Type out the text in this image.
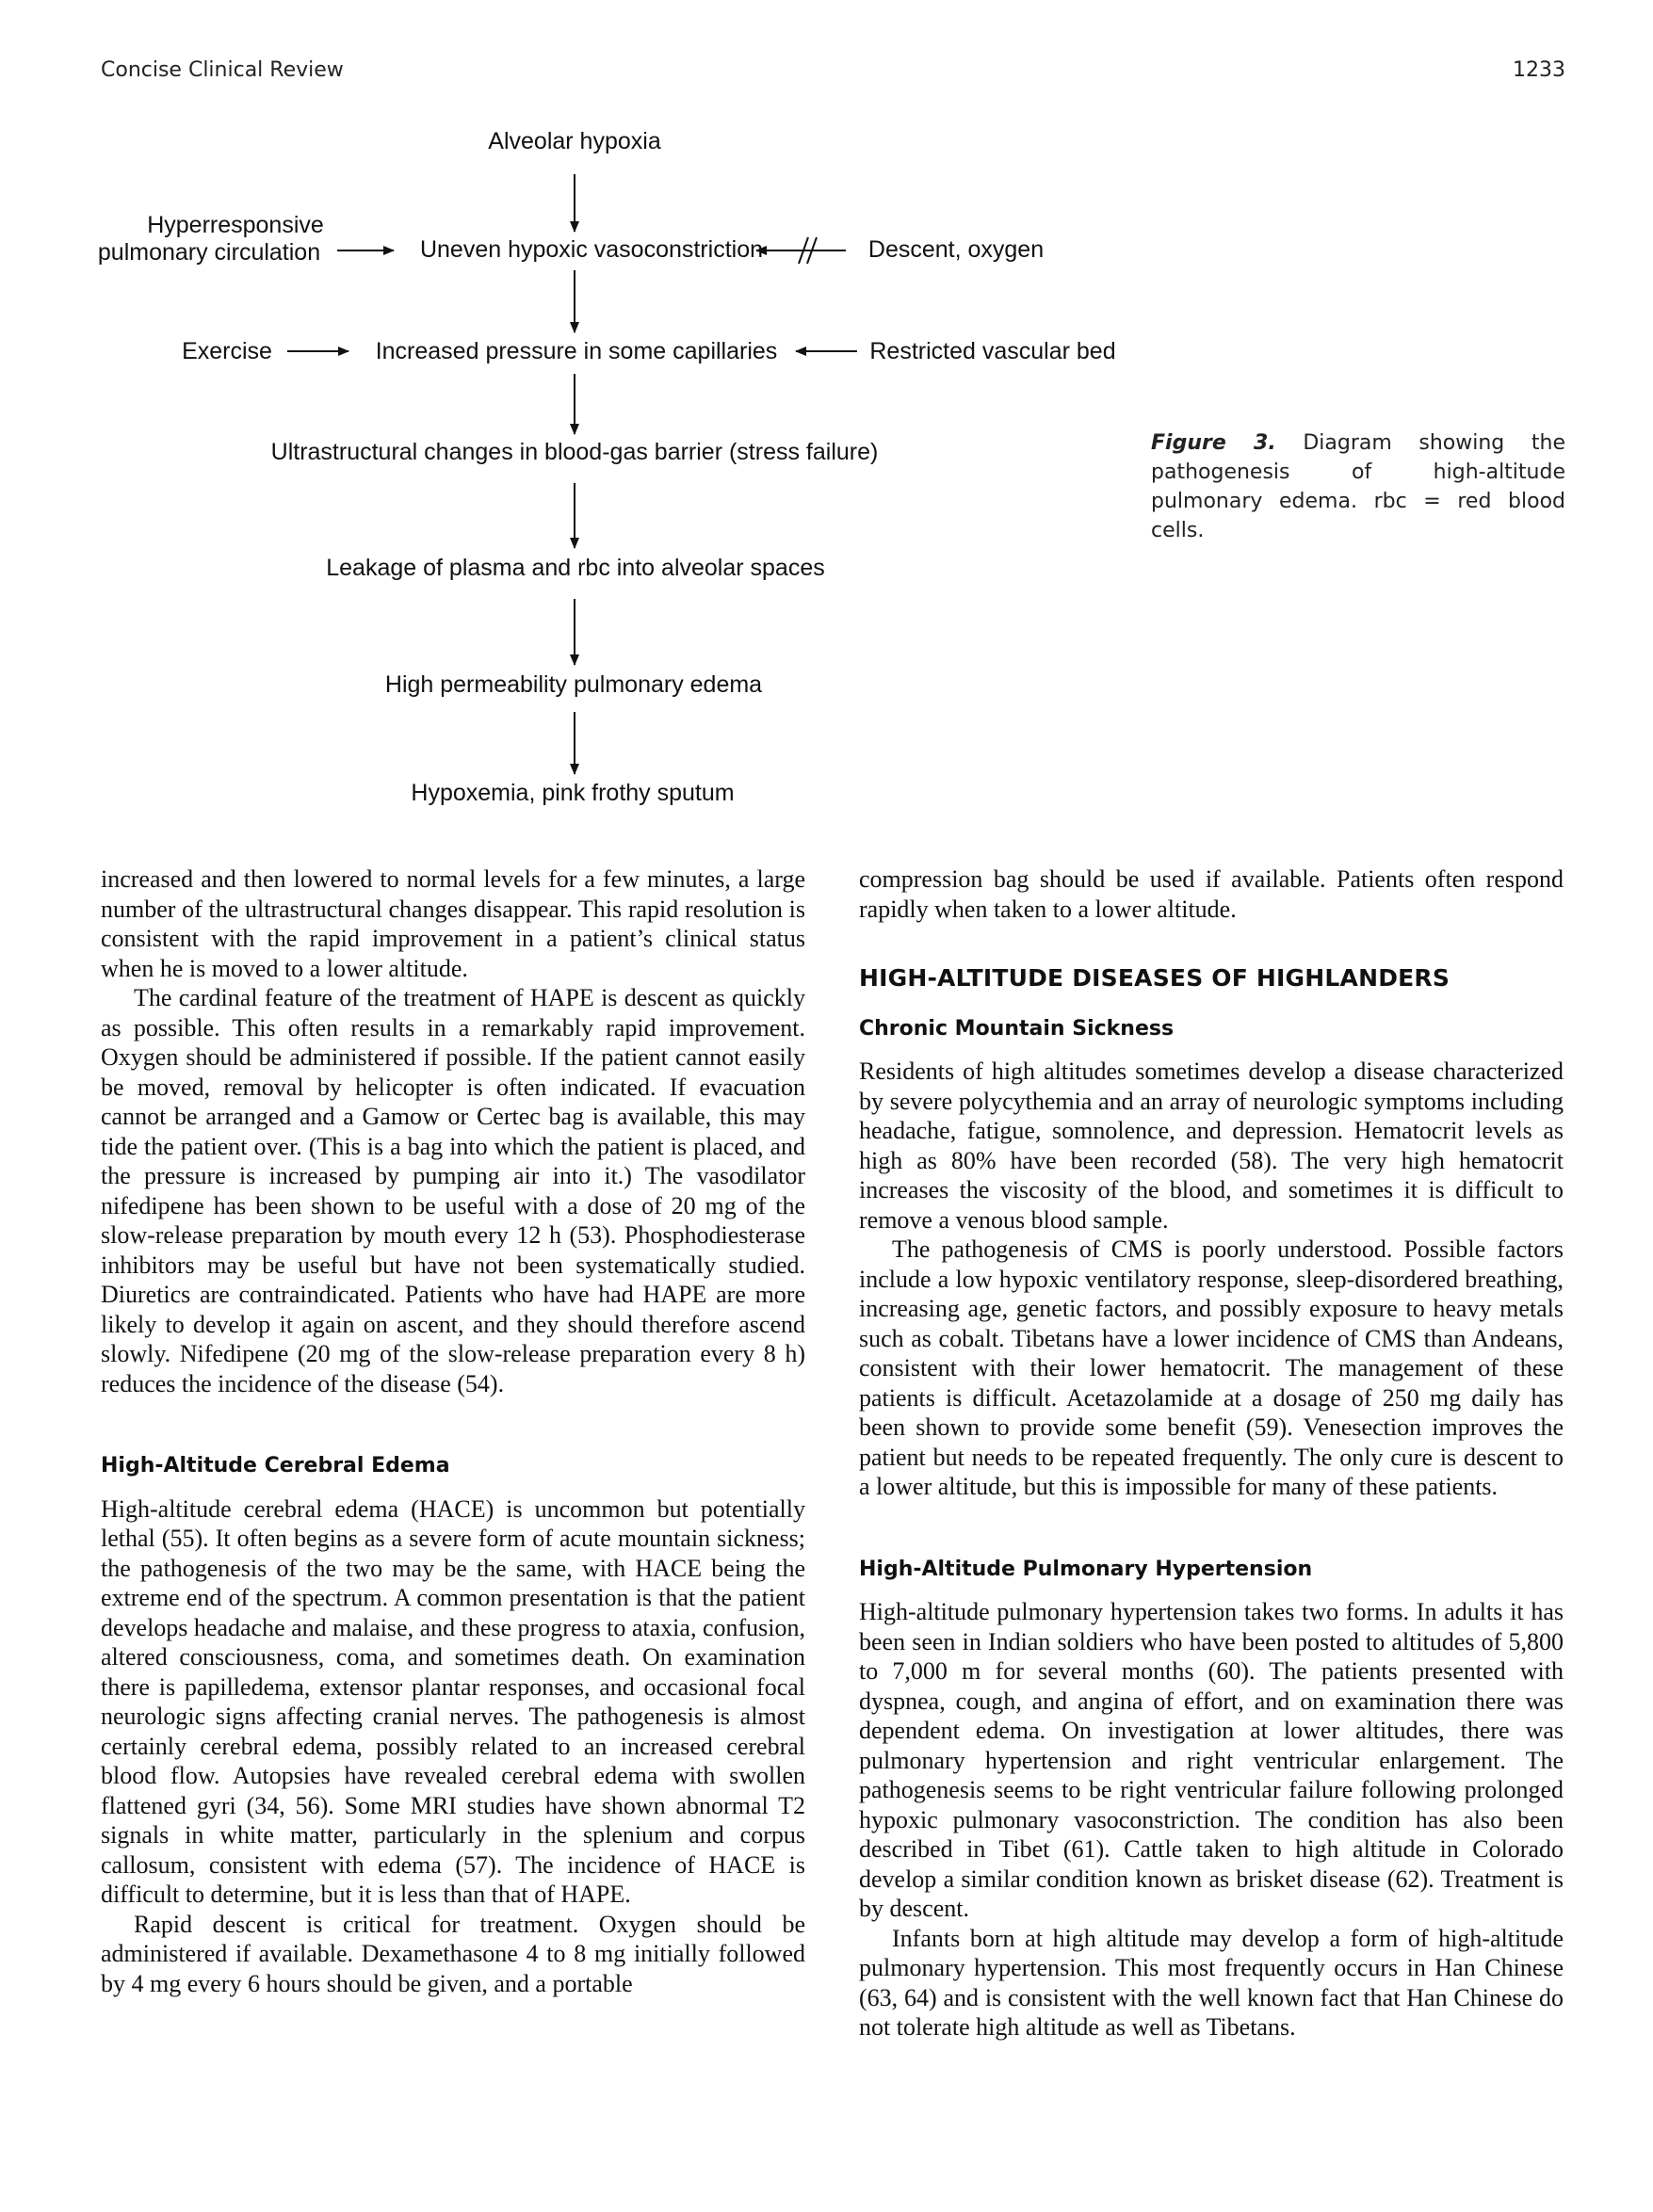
Concise Clinical Review	1233
Alveolar hypoxia
Hyperresponsive
pulmonary circulation	Uneven hypoxic vasoconstriction	Descent, oxygen
Exercise	Increased pressure in some capillaries	Restricted vascular bed
Ultrastructural changes in blood-gas barrier (stress failure)
Leakage of plasma and rbc into alveolar spaces
High permeability pulmonary edema
Hypoxemia, pink frothy sputum
Figure 3. Diagram showing the pathogenesis of high-altitude pulmonary edema. rbc = red blood cells.

increased and then lowered to normal levels for a few minutes, a large number of the ultrastructural changes disappear. This rapid resolution is consistent with the rapid improvement in a patient’s clinical status when he is moved to a lower altitude.

The cardinal feature of the treatment of HAPE is descent as quickly as possible. This often results in a remarkably rapid improvement. Oxygen should be administered if possible. If the patient cannot easily be moved, removal by helicopter is often indicated. If evacuation cannot be arranged and a Gamow or Certec bag is available, this may tide the patient over. (This is a bag into which the patient is placed, and the pressure is increased by pumping air into it.) The vasodilator nifedipene has been shown to be useful with a dose of 20 mg of the slow-release preparation by mouth every 12 h (53). Phosphodiesterase inhibitors may be useful but have not been systematically studied. Diuretics are contraindicated. Patients who have had HAPE are more likely to develop it again on ascent, and they should therefore ascend slowly. Nifedipene (20 mg of the slow-release preparation every 8 h) reduces the incidence of the disease (54).

High-Altitude Cerebral Edema

High-altitude cerebral edema (HACE) is uncommon but potentially lethal (55). It often begins as a severe form of acute mountain sickness; the pathogenesis of the two may be the same, with HACE being the extreme end of the spectrum. A common presentation is that the patient develops headache and malaise, and these progress to ataxia, confusion, altered consciousness, coma, and sometimes death. On examination there is papilledema, extensor plantar responses, and occasional focal neurologic signs affecting cranial nerves. The pathogenesis is almost certainly cerebral edema, possibly related to an increased cerebral blood flow. Autopsies have revealed cerebral edema with swollen flattened gyri (34, 56). Some MRI studies have shown abnormal T2 signals in white matter, particularly in the splenium and corpus callosum, consistent with edema (57). The incidence of HACE is difficult to determine, but it is less than that of HAPE.

Rapid descent is critical for treatment. Oxygen should be administered if available. Dexamethasone 4 to 8 mg initially followed by 4 mg every 6 hours should be given, and a portable

compression bag should be used if available. Patients often respond rapidly when taken to a lower altitude.

HIGH-ALTITUDE DISEASES OF HIGHLANDERS
Chronic Mountain Sickness

Residents of high altitudes sometimes develop a disease characterized by severe polycythemia and an array of neurologic symptoms including headache, fatigue, somnolence, and depression. Hematocrit levels as high as 80% have been recorded (58). The very high hematocrit increases the viscosity of the blood, and sometimes it is difficult to remove a venous blood sample.

The pathogenesis of CMS is poorly understood. Possible factors include a low hypoxic ventilatory response, sleep-disordered breathing, increasing age, genetic factors, and possibly exposure to heavy metals such as cobalt. Tibetans have a lower incidence of CMS than Andeans, consistent with their lower hematocrit. The management of these patients is difficult. Acetazolamide at a dosage of 250 mg daily has been shown to provide some benefit (59). Venesection improves the patient but needs to be repeated frequently. The only cure is descent to a lower altitude, but this is impossible for many of these patients.

High-Altitude Pulmonary Hypertension

High-altitude pulmonary hypertension takes two forms. In adults it has been seen in Indian soldiers who have been posted to altitudes of 5,800 to 7,000 m for several months (60). The patients presented with dyspnea, cough, and angina of effort, and on examination there was dependent edema. On investigation at lower altitudes, there was pulmonary hypertension and right ventricular enlargement. The pathogenesis seems to be right ventricular failure following prolonged hypoxic pulmonary vasoconstriction. The condition has also been described in Tibet (61). Cattle taken to high altitude in Colorado develop a similar condition known as brisket disease (62). Treatment is by descent.

Infants born at high altitude may develop a form of high-altitude pulmonary hypertension. This most frequently occurs in Han Chinese (63, 64) and is consistent with the well known fact that Han Chinese do not tolerate high altitude as well as Tibetans.
